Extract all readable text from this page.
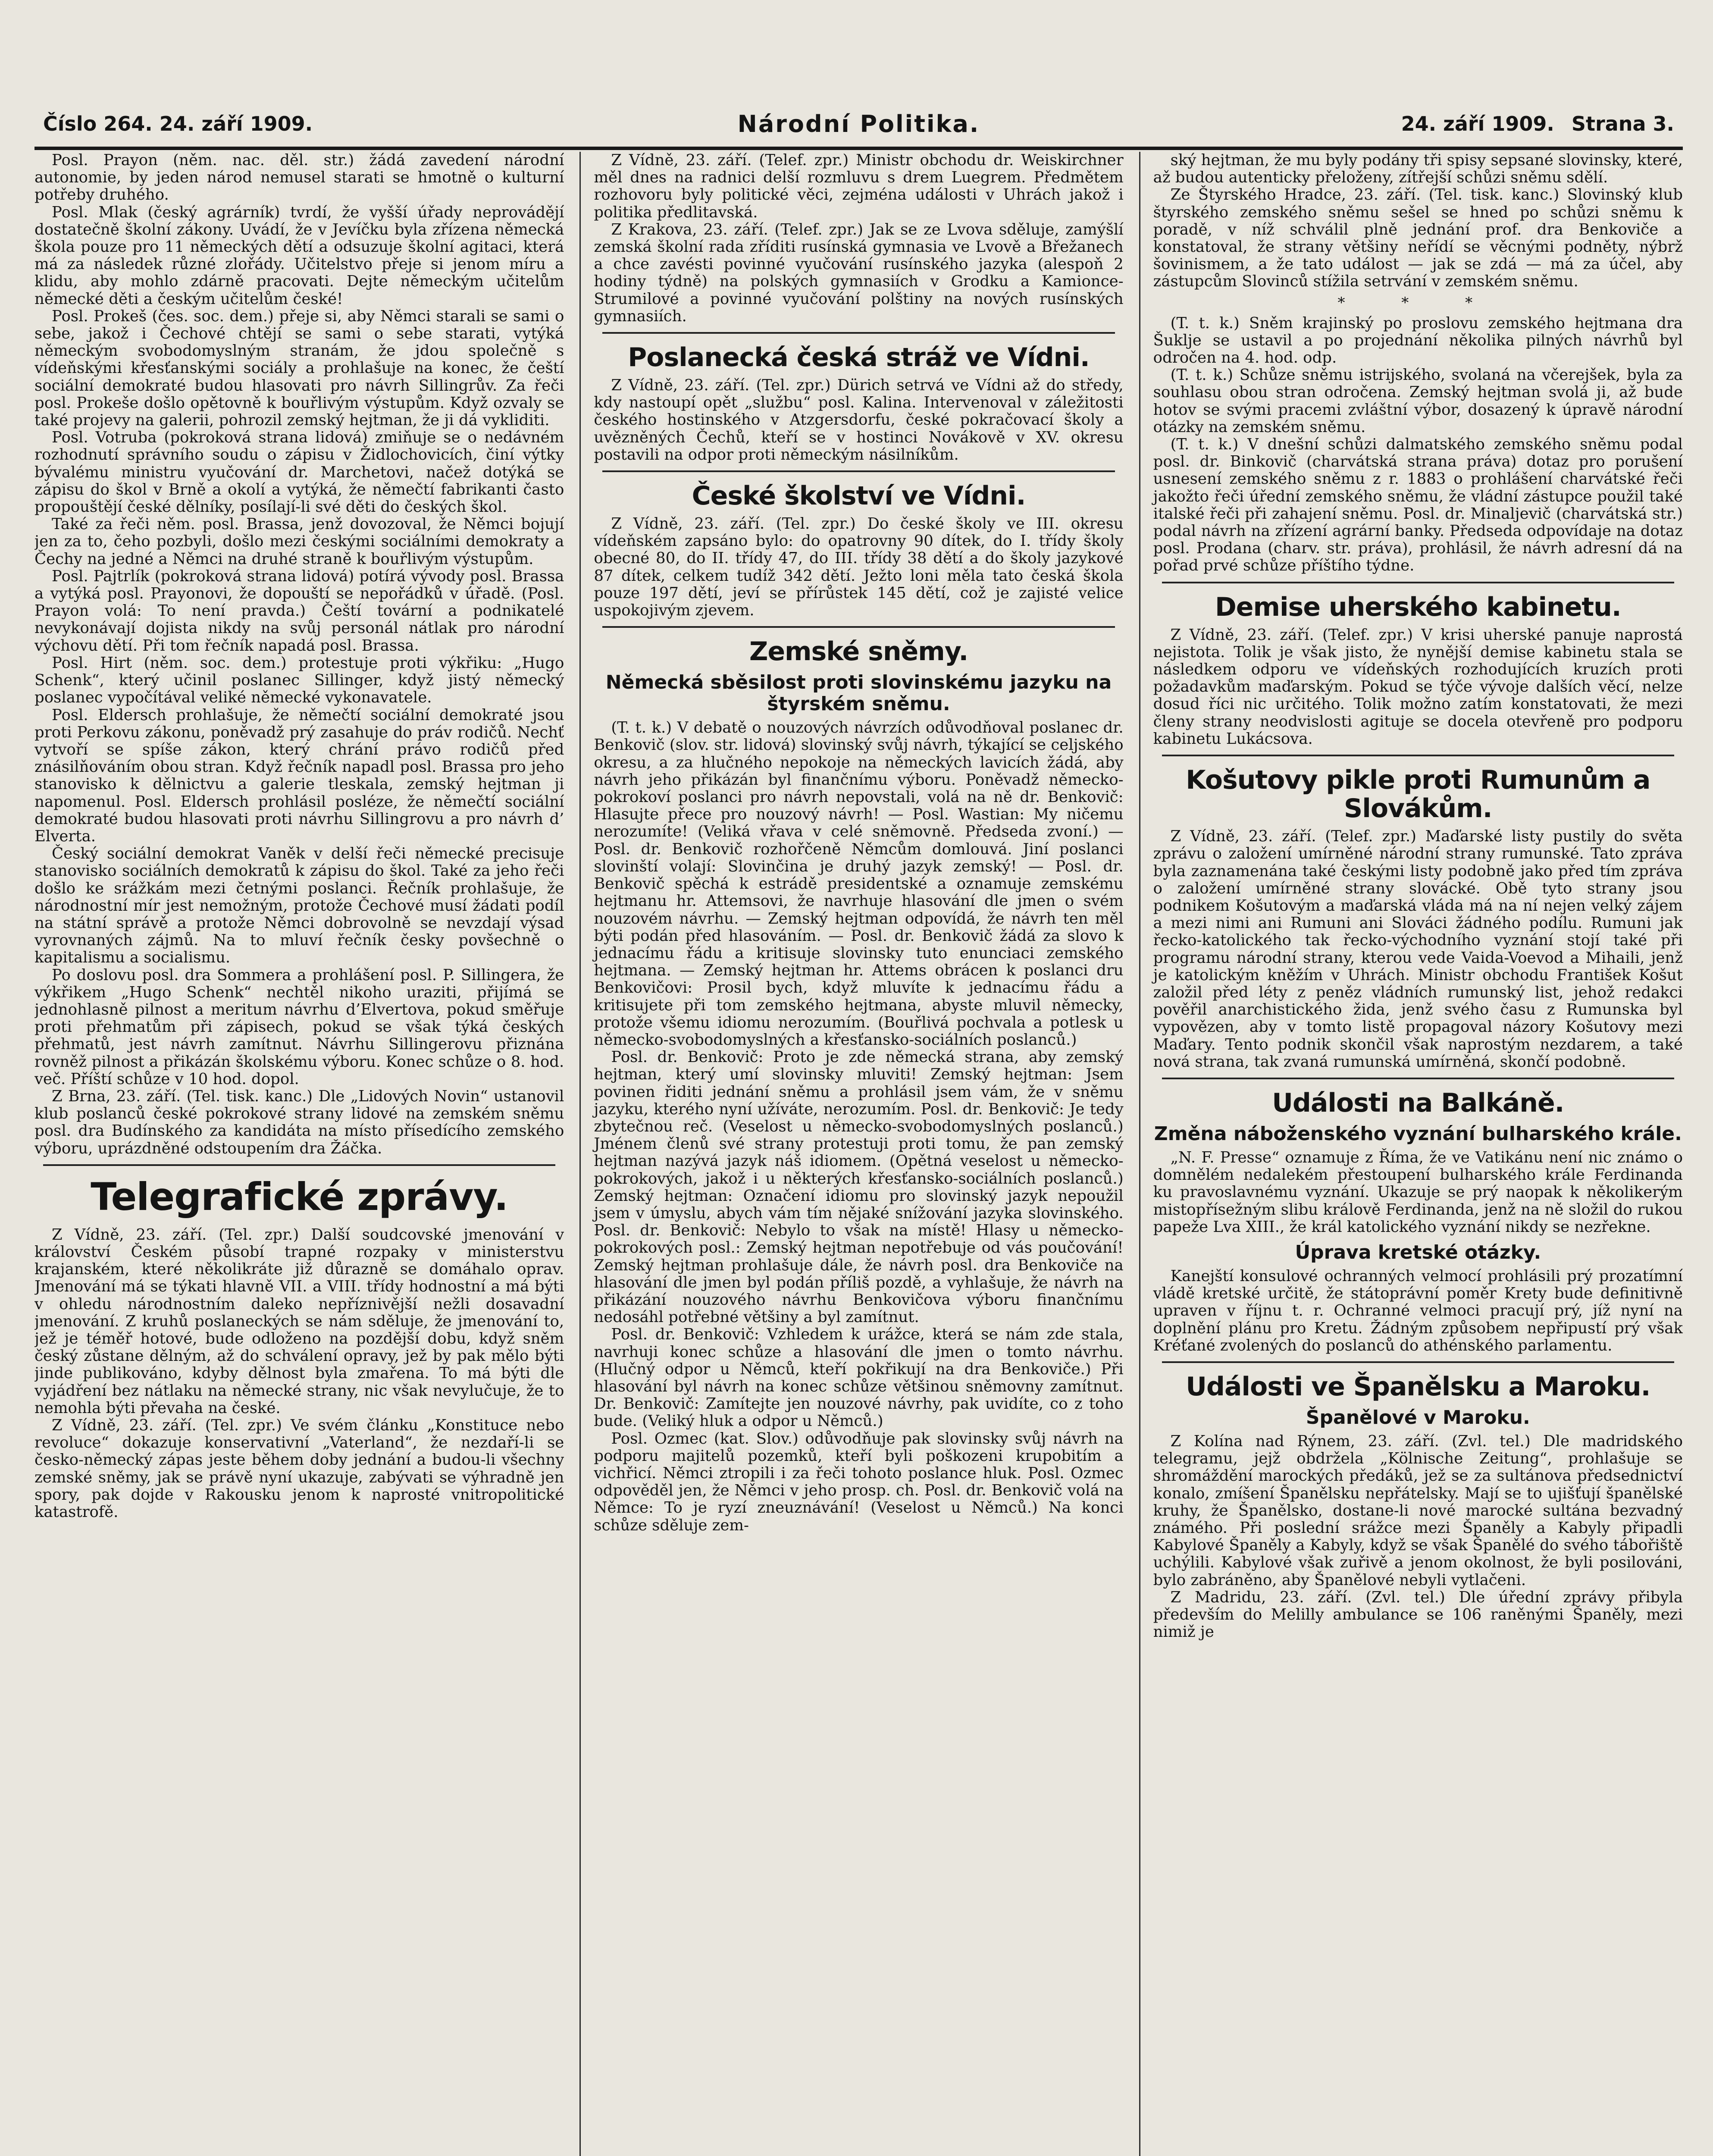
Číslo 264. 24. září 1909.	Národní Politika.	24. září 1909. Strana 3.

Posl. Prayon (něm. nac. děl. str.) žádá zavedení národní autonomie, by jeden národ nemusel starati se hmotně o kulturní potřeby druhého.

Posl. Mlak (český agrárník) tvrdí, že vyšší úřady neprovádějí dostatečně školní zákony. Uvádí, že v Jevíčku byla zřízena německá škola pouze pro 11 německých dětí a odsuzuje školní agitaci, která má za následek různé zlořády. Učitelstvo přeje si jenom míru a klidu, aby mohlo zdárně pracovati. Dejte německým učitelům německé děti a českým učitelům české!

Posl. Prokeš (čes. soc. dem.) přeje si, aby Němci starali se sami o sebe, jakož i Čechové chtějí se sami o sebe starati, vytýká německým svobodomyslným stranám, že jdou společně s vídeňskými křesťanskými sociály a prohlašuje na konec, že čeští sociální demokraté budou hlasovati pro návrh Sillingrův. Za řeči posl. Prokeše došlo opětovně k bouřlivým výstupům. Když ozvaly se také projevy na galerii, pohrozil zemský hejtman, že ji dá vykliditi.

Posl. Votruba (pokroková strana lidová) zmiňuje se o nedávném rozhodnutí správního soudu o zápisu v Židlochovicích, činí výtky bývalému ministru vyučování dr. Marchetovi, načež dotýká se zápisu do škol v Brně a okolí a vytýká, že němečtí fabrikanti často propouštějí české dělníky, posílají-li své děti do českých škol.

Také za řeči něm. posl. Brassa, jenž dovozoval, že Němci bojují jen za to, čeho pozbyli, došlo mezi českými sociálními demokraty a Čechy na jedné a Němci na druhé straně k bouřlivým výstupům.

Posl. Pajtrlík (pokroková strana lidová) potírá vývody posl. Brassa a vytýká posl. Prayonovi, že dopouští se nepořádků v úřadě. (Posl. Prayon volá: To není pravda.) Čeští tovární a podnikatelé nevykonávají dojista nikdy na svůj personál nátlak pro národní výchovu dětí. Při tom řečník napadá posl. Brassa.

Posl. Hirt (něm. soc. dem.) protestuje proti výkřiku: „Hugo Schenk“, který učinil poslanec Sillinger, když jistý německý poslanec vypočítával veliké německé vykonavatele.

Posl. Eldersch prohlašuje, že němečtí sociální demokraté jsou proti Perkovu zákonu, poněvadž prý zasahuje do práv rodičů. Nechť vytvoří se spíše zákon, který chrání právo rodičů před znásilňováním obou stran. Když řečník napadl posl. Brassa pro jeho stanovisko k dělnictvu a galerie tleskala, zemský hejtman ji napomenul. Posl. Eldersch prohlásil posléze, že němečtí sociální demokraté budou hlasovati proti návrhu Sillingrovu a pro návrh d’ Elverta.

Český sociální demokrat Vaněk v delší řeči německé precisuje stanovisko sociálních demokratů k zápisu do škol. Také za jeho řeči došlo ke srážkám mezi četnými poslanci. Řečník prohlašuje, že národnostní mír jest nemožným, protože Čechové musí žádati podíl na státní správě a protože Němci dobrovolně se nevzdají výsad vyrovnaných zájmů. Na to mluví řečník česky povšechně o kapitalismu a socialismu.

Po doslovu posl. dra Sommera a prohlášení posl. P. Sillingera, že výkřikem „Hugo Schenk“ nechtěl nikoho uraziti, přijímá se jednohlasně pilnost a meritum návrhu d’Elvertova, pokud směřuje proti přehmatům při zápisech, pokud se však týká českých přehmatů, jest návrh zamítnut. Návrhu Sillingerovu přiznána rovněž pilnost a přikázán školskému výboru. Konec schůze o 8. hod. več. Příští schůze v 10 hod. dopol.

Z Brna, 23. září. (Tel. tisk. kanc.) Dle „Lidových Novin“ ustanovil klub poslanců české pokrokové strany lidové na zemském sněmu posl. dra Budínského za kandidáta na místo přísedícího zemského výboru, uprázdněné odstoupením dra Žáčka.

Telegrafické zprávy.

Z Vídně, 23. září. (Tel. zpr.) Další soudcovské jmenování v království Českém působí trapné rozpaky v ministerstvu krajanském, které několikráte již důrazně se domáhalo oprav. Jmenování má se týkati hlavně VII. a VIII. třídy hodnostní a má býti v ohledu národnostním daleko nepříznivější nežli dosavadní jmenování. Z kruhů poslaneckých se nám sděluje, že jmenování to, jež je téměř hotové, bude odloženo na pozdější dobu, když sněm český zůstane dělným, až do schválení opravy, jež by pak mělo býti jinde publikováno, kdyby dělnost byla zmařena. To má býti dle vyjádření bez nátlaku na německé strany, nic však nevylučuje, že to nemohla býti převaha na české.

Z Vídně, 23. září. (Tel. zpr.) Ve svém článku „Konstituce nebo revoluce“ dokazuje konservativní „Vaterland“, že nezdaří-li se česko-německý zápas jeste během doby jednání a budou-li všechny zemské sněmy, jak se právě nyní ukazuje, zabývati se výhradně jen spory, pak dojde v Rakousku jenom k naprosté vnitropolitické katastrofě.

Z Vídně, 23. září. (Telef. zpr.) Ministr obchodu dr. Weiskirchner měl dnes na radnici delší rozmluvu s drem Luegrem. Předmětem rozhovoru byly politické věci, zejména události v Uhrách jakož i politika předlitavská.

Z Krakova, 23. září. (Telef. zpr.) Jak se ze Lvova sděluje, zamýšlí zemská školní rada zříditi rusínská gymnasia ve Lvově a Břežanech a chce zavésti povinné vyučování rusínského jazyka (alespoň 2 hodiny týdně) na polských gymnasiích v Grodku a Kamionce-Strumilové a povinné vyučování polštiny na nových rusínských gymnasiích.

Poslanecká česká stráž ve Vídni.

Z Vídně, 23. září. (Tel. zpr.) Dürich setrvá ve Vídni až do středy, kdy nastoupí opět „službu“ posl. Kalina. Intervenoval v záležitosti českého hostinského v Atzgersdorfu, české pokračovací školy a uvězněných Čechů, kteří se v hostinci Novákově v XV. okresu postavili na odpor proti německým násilníkům.

České školství ve Vídni.

Z Vídně, 23. září. (Tel. zpr.) Do české školy ve III. okresu vídeňském zapsáno bylo: do opatrovny 90 dítek, do I. třídy školy obecné 80, do II. třídy 47, do III. třídy 38 dětí a do školy jazykové 87 dítek, celkem tudíž 342 dětí. Ježto loni měla tato česká škola pouze 197 dětí, jeví se přírůstek 145 dětí, což je zajisté velice uspokojivým zjevem.

Zemské sněmy.
Německá sběsilost proti slovinskému jazyku na štyrském sněmu.

(T. t. k.) V debatě o nouzových návrzích odůvodňoval poslanec dr. Benkovič (slov. str. lidová) slovinský svůj návrh, týkající se celjského okresu, a za hlučného nepokoje na německých lavicích žádá, aby návrh jeho přikázán byl finančnímu výboru. Poněvadž německo-pokrokoví poslanci pro návrh nepovstali, volá na ně dr. Benkovič: Hlasujte přece pro nouzový návrh! — Posl. Wastian: My ničemu nerozumíte! (Veliká vřava v celé sněmovně. Předseda zvoní.) — Posl. dr. Benkovič rozhořčeně Němcům domlouvá. Jiní poslanci slovinští volají: Slovinčina je druhý jazyk zemský! — Posl. dr. Benkovič spěchá k estrádě presidentské a oznamuje zemskému hejtmanu hr. Attemsovi, že navrhuje hlasování dle jmen o svém nouzovém návrhu. — Zemský hejtman odpovídá, že návrh ten měl býti podán před hlasováním. — Posl. dr. Benkovič žádá za slovo k jednacímu řádu a kritisuje slovinsky tuto enunciaci zemského hejtmana. — Zemský hejtman hr. Attems obrácen k poslanci dru Benkovičovi: Prosil bych, když mluvíte k jednacímu řádu a kritisujete při tom zemského hejtmana, abyste mluvil německy, protože všemu idiomu nerozumím. (Bouřlivá pochvala a potlesk u německo-svobodomyslných a křesťansko-sociálních poslanců.)

Posl. dr. Benkovič: Proto je zde německá strana, aby zemský hejtman, který umí slovinsky mluviti! Zemský hejtman: Jsem povinen řiditi jednání sněmu a prohlásil jsem vám, že v sněmu jazyku, kterého nyní užíváte, nerozumím. Posl. dr. Benkovič: Je tedy zbytečnou reč. (Veselost u německo-svobodomyslných poslanců.) Jménem členů své strany protestuji proti tomu, že pan zemský hejtman nazývá jazyk náš idiomem. (Opětná veselost u německo-pokrokových, jakož i u některých křesťansko-sociálních poslanců.) Zemský hejtman: Označení idiomu pro slovinský jazyk nepoužil jsem v úmyslu, abych vám tím nějaké snížování jazyka slovinského. Posl. dr. Benkovič: Nebylo to však na místě! Hlasy u německo-pokrokových posl.: Zemský hejtman nepotřebuje od vás poučování! Zemský hejtman prohlašuje dále, že návrh posl. dra Benkoviče na hlasování dle jmen byl podán příliš pozdě, a vyhlašuje, že návrh na přikázání nouzového návrhu Benkovičova výboru finančnímu nedosáhl potřebné většiny a byl zamítnut.

Posl. dr. Benkovič: Vzhledem k urážce, která se nám zde stala, navrhuji konec schůze a hlasování dle jmen o tomto návrhu. (Hlučný odpor u Němců, kteří pokřikují na dra Benkoviče.) Při hlasování byl návrh na konec schůze většinou sněmovny zamítnut. Dr. Benkovič: Zamítejte jen nouzové návrhy, pak uvidíte, co z toho bude. (Veliký hluk a odpor u Němců.)

Posl. Ozmec (kat. Slov.) odůvodňuje pak slovinsky svůj návrh na podporu majitelů pozemků, kteří byli poškozeni krupobitím a vichřicí. Němci ztropili i za řeči tohoto poslance hluk. Posl. Ozmec odpověděl jen, že Němci v jeho prosp. ch. Posl. dr. Benkovič volá na Němce: To je ryzí zneuznávání! (Veselost u Němců.) Na konci schůze sděluje zem-

ský hejtman, že mu byly podány tři spisy sepsané slovinsky, které, až budou autenticky přeloženy, zítřejší schůzi sněmu sdělí.

Ze Štyrského Hradce, 23. září. (Tel. tisk. kanc.) Slovinský klub štyrského zemského sněmu sešel se hned po schůzi sněmu k poradě, v níž schválil plně jednání prof. dra Benkoviče a konstatoval, že strany většiny neřídí se věcnými podněty, nýbrž šovinismem, a že tato událost — jak se zdá — má za účel, aby zástupcům Slovinců stížila setrvání v zemském sněmu.

* * *

(T. t. k.) Sněm krajinský po proslovu zemského hejtmana dra Šuklje se ustavil a po projednání několika pilných návrhů byl odročen na 4. hod. odp.

(T. t. k.) Schůze sněmu istrijského, svolaná na včerejšek, byla za souhlasu obou stran odročena. Zemský hejtman svolá ji, až bude hotov se svými pracemi zvláštní výbor, dosazený k úpravě národní otázky na zemském sněmu.

(T. t. k.) V dnešní schůzi dalmatského zemského sněmu podal posl. dr. Binkovič (charvátská strana práva) dotaz pro porušení usnesení zemského sněmu z r. 1883 o prohlášení charvátské řeči jakožto řeči úřední zemského sněmu, že vládní zástupce použil také italské řeči při zahajení sněmu. Posl. dr. Minaljevič (charvátská str.) podal návrh na zřízení agrární banky. Předseda odpovídaje na dotaz posl. Prodana (charv. str. práva), prohlásil, že návrh adresní dá na pořad prvé schůze příštího týdne.

Demise uherského kabinetu.

Z Vídně, 23. září. (Telef. zpr.) V krisi uherské panuje naprostá nejistota. Tolik je však jisto, že nynější demise kabinetu stala se následkem odporu ve vídeňských rozhodujících kruzích proti požadavkům maďarským. Pokud se týče vývoje dalších věcí, nelze dosud říci nic určitého. Tolik možno zatím konstatovati, že mezi členy strany neodvislosti agituje se docela otevřeně pro podporu kabinetu Lukácsova.

Košutovy pikle proti Rumunům a Slovákům.

Z Vídně, 23. září. (Telef. zpr.) Maďarské listy pustily do světa zprávu o založení umírněné národní strany rumunské. Tato zpráva byla zaznamenána také českými listy podobně jako před tím zpráva o založení umírněné strany slovácké. Obě tyto strany jsou podnikem Košutovým a maďarská vláda má na ní nejen velký zájem a mezi nimi ani Rumuni ani Slováci žádného podílu. Rumuni jak řecko-katolického tak řecko-východního vyznání stojí také při programu národní strany, kterou vede Vaida-Voevod a Mihaili, jenž je katolickým kněžím v Uhrách. Ministr obchodu František Košut založil před léty z peněz vládních rumunský list, jehož redakci pověřil anarchistického žida, jenž svého času z Rumunska byl vypovězen, aby v tomto listě propagoval názory Košutovy mezi Maďary. Tento podnik skončil však naprostým nezdarem, a také nová strana, tak zvaná rumunská umírněná, skončí podobně.

Události na Balkáně.
Změna náboženského vyznání bulharského krále.

„N. F. Presse“ oznamuje z Říma, že ve Vatikánu není nic známo o domnělém nedalekém přestoupení bulharského krále Ferdinanda ku pravoslavnému vyznání. Ukazuje se prý naopak k několikerým mistopřísežným slibu králově Ferdinanda, jenž na ně složil do rukou papeže Lva XIII., že král katolického vyznání nikdy se nezřekne.

Úprava kretské otázky.

Kanejští konsulové ochranných velmocí prohlásili prý prozatímní vládě kretské určitě, že státoprávní poměr Krety bude definitivně upraven v říjnu t. r. Ochranné velmoci pracují prý, jíž nyní na doplnění plánu pro Kretu. Žádným způsobem nepřipustí prý však Kréťané zvolených do poslanců do athénského parlamentu.

Události ve Španělsku a Maroku.
Španělové v Maroku.

Z Kolína nad Rýnem, 23. září. (Zvl. tel.) Dle madridského telegramu, jejž obdržela „Kölnische Zeitung“, prohlašuje se shromáždění marockých předáků, jež se za sultánova předsednictví konalo, zmíšení Španělsku nepřátelsky. Mají se to ujišťují španělské kruhy, že Španělsko, dostane-li nové marocké sultána bezvadný známého. Při poslední srážce mezi Španěly a Kabyly připadli Kabylové Španěly a Kabyly, když se však Španělé do svého tábořiště uchýlili. Kabylové však zuřivě a jenom okolnost, že byli posilováni, bylo zabráněno, aby Španělové nebyli vytlačeni.

Z Madridu, 23. září. (Zvl. tel.) Dle úřední zprávy přibyla především do Melilly ambulance se 106 raněnými Španěly, mezi nimiž je
